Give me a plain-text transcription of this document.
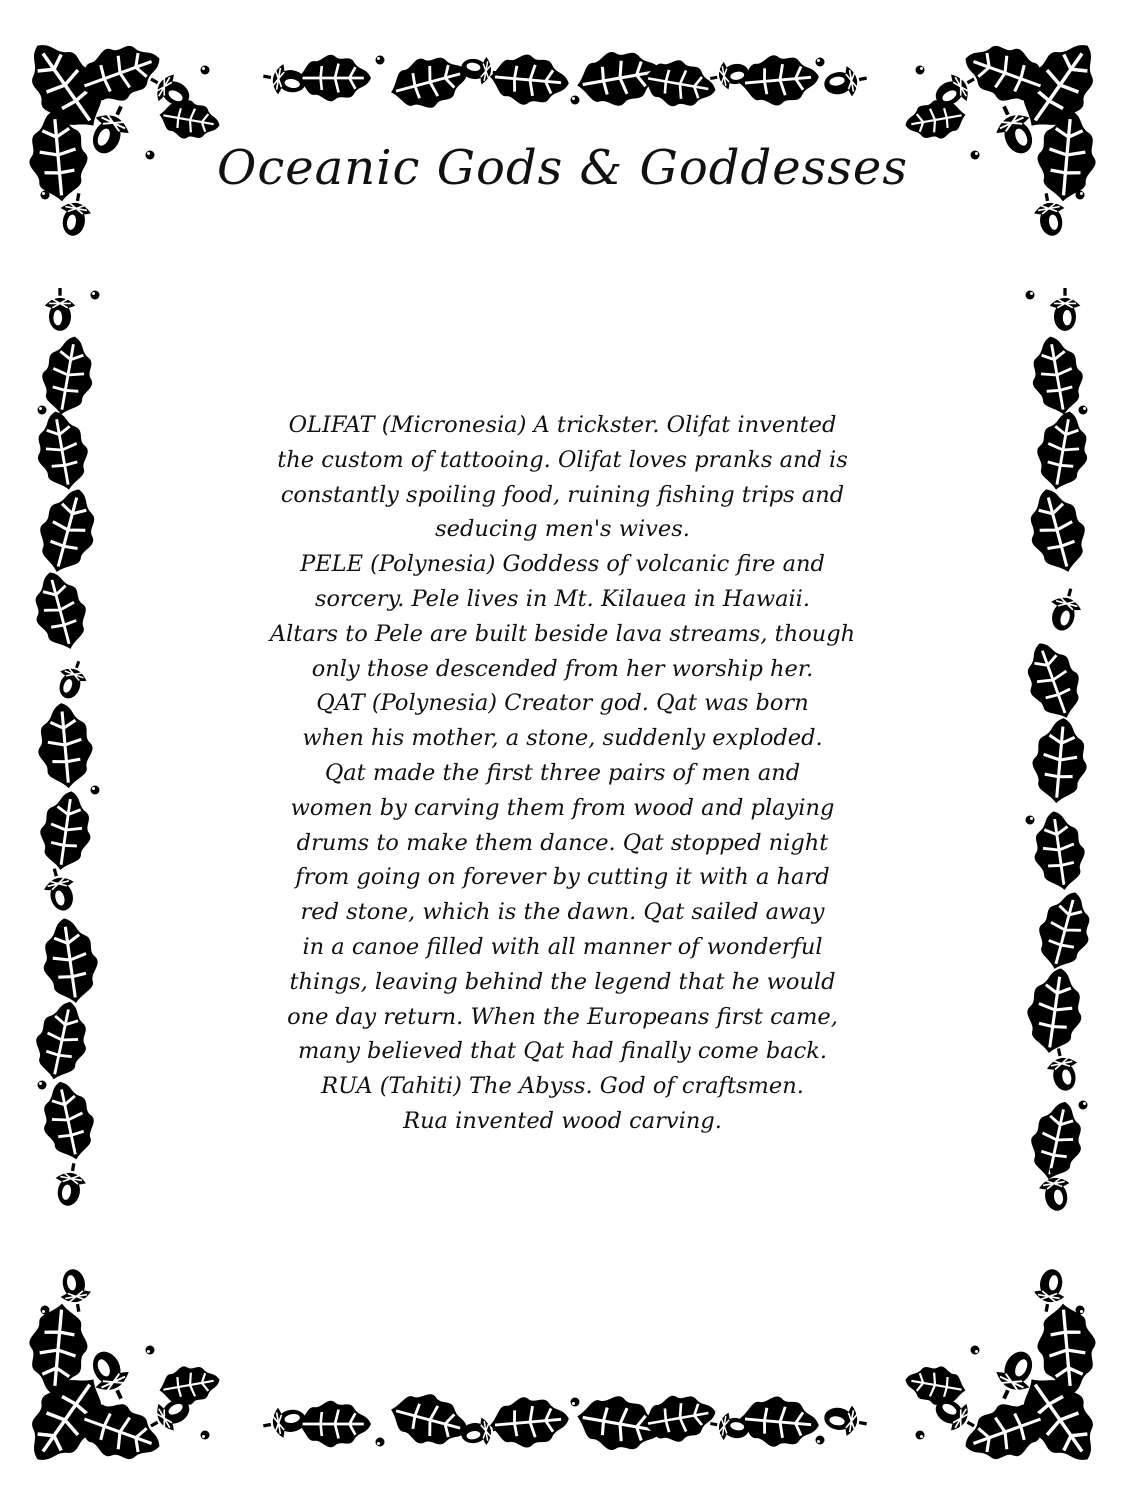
Oceanic Gods & Goddesses
OLIFAT (Micronesia) A trickster. Olifat invented
the custom of tattooing. Olifat loves pranks and is
constantly spoiling food, ruining fishing trips and
seducing men's wives.
PELE (Polynesia) Goddess of volcanic fire and
sorcery. Pele lives in Mt. Kilauea in Hawaii.
Altars to Pele are built beside lava streams, though
only those descended from her worship her.
QAT (Polynesia) Creator god. Qat was born
when his mother, a stone, suddenly exploded.
Qat made the first three pairs of men and
women by carving them from wood and playing
drums to make them dance. Qat stopped night
from going on forever by cutting it with a hard
red stone, which is the dawn. Qat sailed away
in a canoe filled with all manner of wonderful
things, leaving behind the legend that he would
one day return. When the Europeans first came,
many believed that Qat had finally come back.
RUA (Tahiti) The Abyss. God of craftsmen.
Rua invented wood carving.
